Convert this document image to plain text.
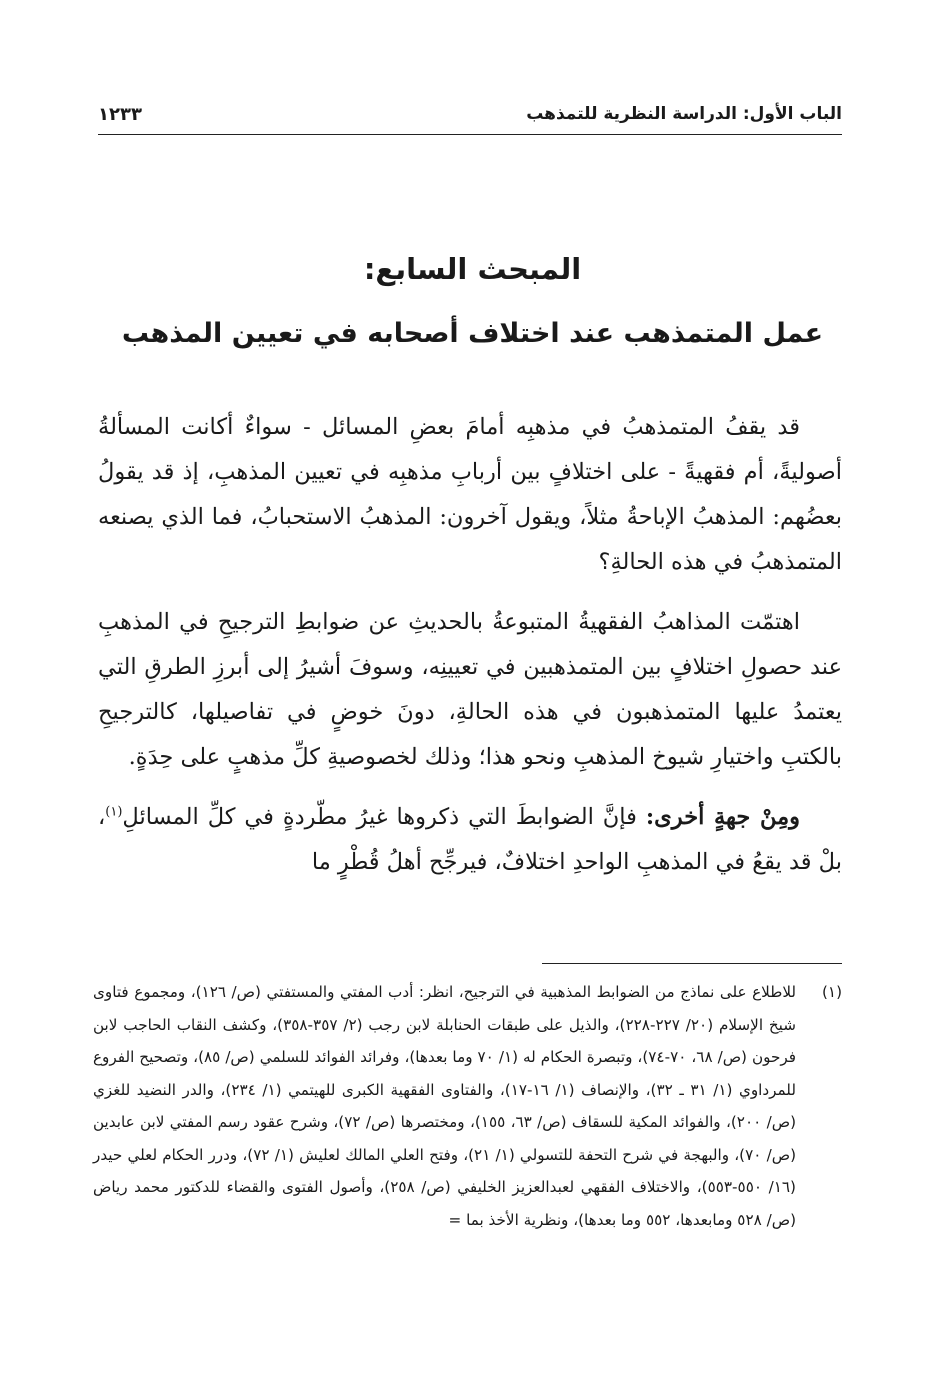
الباب الأول: الدراسة النظرية للتمذهب
١٢٣٣
المبحث السابع:
عمل المتمذهب عند اختلاف أصحابه في تعيين المذهب

قد يقفُ المتمذهبُ في مذهبِه أمامَ بعضِ المسائل - سواءٌ أكانت المسألةُ أصوليةً، أم فقهيةً - على اختلافٍ بين أربابِ مذهبِه في تعيين المذهبِ، إذ قد يقولُ بعضُهم: المذهبُ الإباحةُ مثلاً، ويقول آخرون: المذهبُ الاستحبابُ، فما الذي يصنعه المتمذهبُ في هذه الحالةِ؟

اهتمّت المذاهبُ الفقهيةُ المتبوعةُ بالحديثِ عن ضوابطِ الترجيحِ في المذهبِ عند حصولِ اختلافٍ بين المتمذهبين في تعيينِه، وسوفَ أشيرُ إلى أبرزِ الطرقِ التي يعتمدُ عليها المتمذهبون في هذه الحالةِ، دونَ خوضٍ في تفاصيلها، كالترجيحِ بالكتبِ واختيارِ شيوخ المذهبِ ونحو هذا؛ وذلك لخصوصيةِ كلِّ مذهبٍ على حِدَةٍ.

ومِنْ جهةٍ أخرى: فإنَّ الضوابطَ التي ذكروها غيرُ مطّردةٍ في كلِّ المسائلِ$^{(١)}$، بلْ قد يقعُ في المذهبِ الواحدِ اختلافٌ، فيرجِّح أهلُ قُطْرٍ ما

(١)
للاطلاع على نماذج من الضوابط المذهبية في الترجيح، انظر: أدب المفتي والمستفتي (ص/ ١٢٦)، ومجموع فتاوى شيخ الإسلام (٢٠/ ٢٢٧-٢٢٨)، والذيل على طبقات الحنابلة لابن رجب (٢/ ٣٥٧-٣٥٨)، وكشف النقاب الحاجب لابن فرحون (ص/ ٦٨، ٧٠-٧٤)، وتبصرة الحكام له (١/ ٧٠ وما بعدها)، وفرائد الفوائد للسلمي (ص/ ٨٥)، وتصحيح الفروع للمرداوي (١/ ٣١ ـ ٣٢)، والإنصاف (١/ ١٦-١٧)، والفتاوى الفقهية الكبرى للهيتمي (١/ ٢٣٤)، والدر النضيد للغزي (ص/ ٢٠٠)، والفوائد المكية للسقاف (ص/ ٦٣، ١٥٥)، ومختصرها (ص/ ٧٢)، وشرح عقود رسم المفتي لابن عابدين (ص/ ٧٠)، والبهجة في شرح التحفة للتسولي (١/ ٢١)، وفتح العلي المالك لعليش (١/ ٧٢)، ودرر الحكام لعلي حيدر (١٦/ ٥٥٠-٥٥٣)، والاختلاف الفقهي لعبدالعزيز الخليفي (ص/ ٢٥٨)، وأصول الفتوى والقضاء للدكتور محمد رياض (ص/ ٥٢٨ ومابعدها، ٥٥٢ وما بعدها)، ونظرية الأخذ بما =
